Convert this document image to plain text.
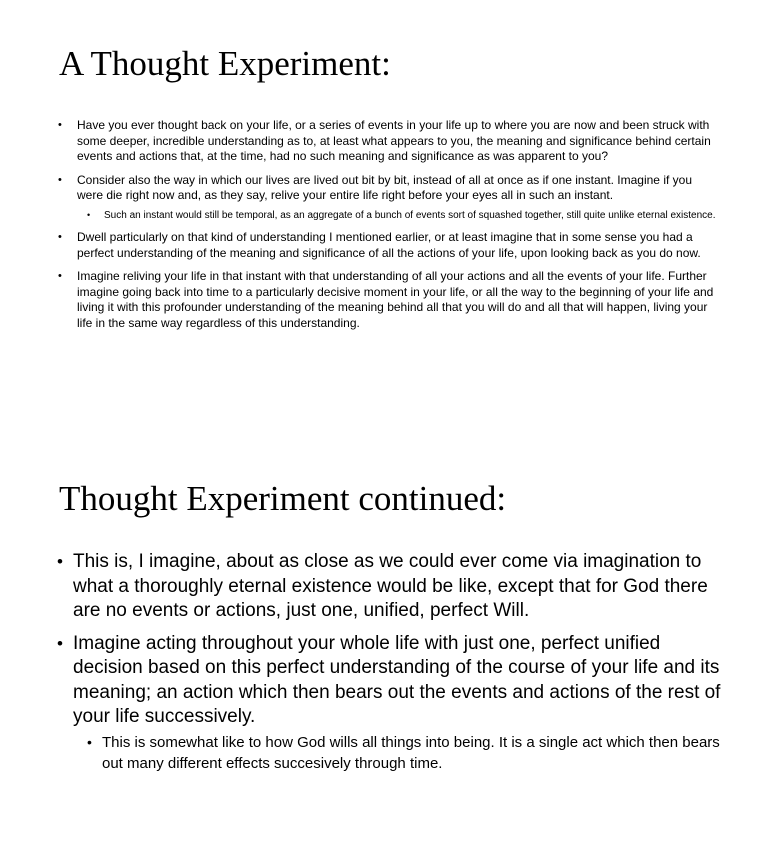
A Thought Experiment:
• Have you ever thought back on your life, or a series of events in your life up to where you are now and been struck with some deeper, incredible understanding as to, at least what appears to you, the meaning and significance behind certain events and actions that, at the time, had no such meaning and significance as was apparent to you?
• Consider also the way in which our lives are lived out bit by bit, instead of all at once as if one instant. Imagine if you were die right now and, as they say, relive your entire life right before your eyes all in such an instant.
• Such an instant would still be temporal, as an aggregate of a bunch of events sort of squashed together, still quite unlike eternal existence.
• Dwell particularly on that kind of understanding I mentioned earlier, or at least imagine that in some sense you had a perfect understanding of the meaning and significance of all the actions of your life, upon looking back as you do now.
• Imagine reliving your life in that instant with that understanding of all your actions and all the events of your life. Further imagine going back into time to a particularly decisive moment in your life, or all the way to the beginning of your life and living it with this profounder understanding of the meaning behind all that you will do and all that will happen, living your life in the same way regardless of this understanding.
Thought Experiment continued:
• This is, I imagine, about as close as we could ever come via imagination to what a thoroughly eternal existence would be like, except that for God there are no events or actions, just one, unified, perfect Will.
• Imagine acting throughout your whole life with just one, perfect unified decision based on this perfect understanding of the course of your life and its meaning; an action which then bears out the events and actions of the rest of your life successively.
• This is somewhat like to how God wills all things into being. It is a single act which then bears out many different effects succesively through time.
